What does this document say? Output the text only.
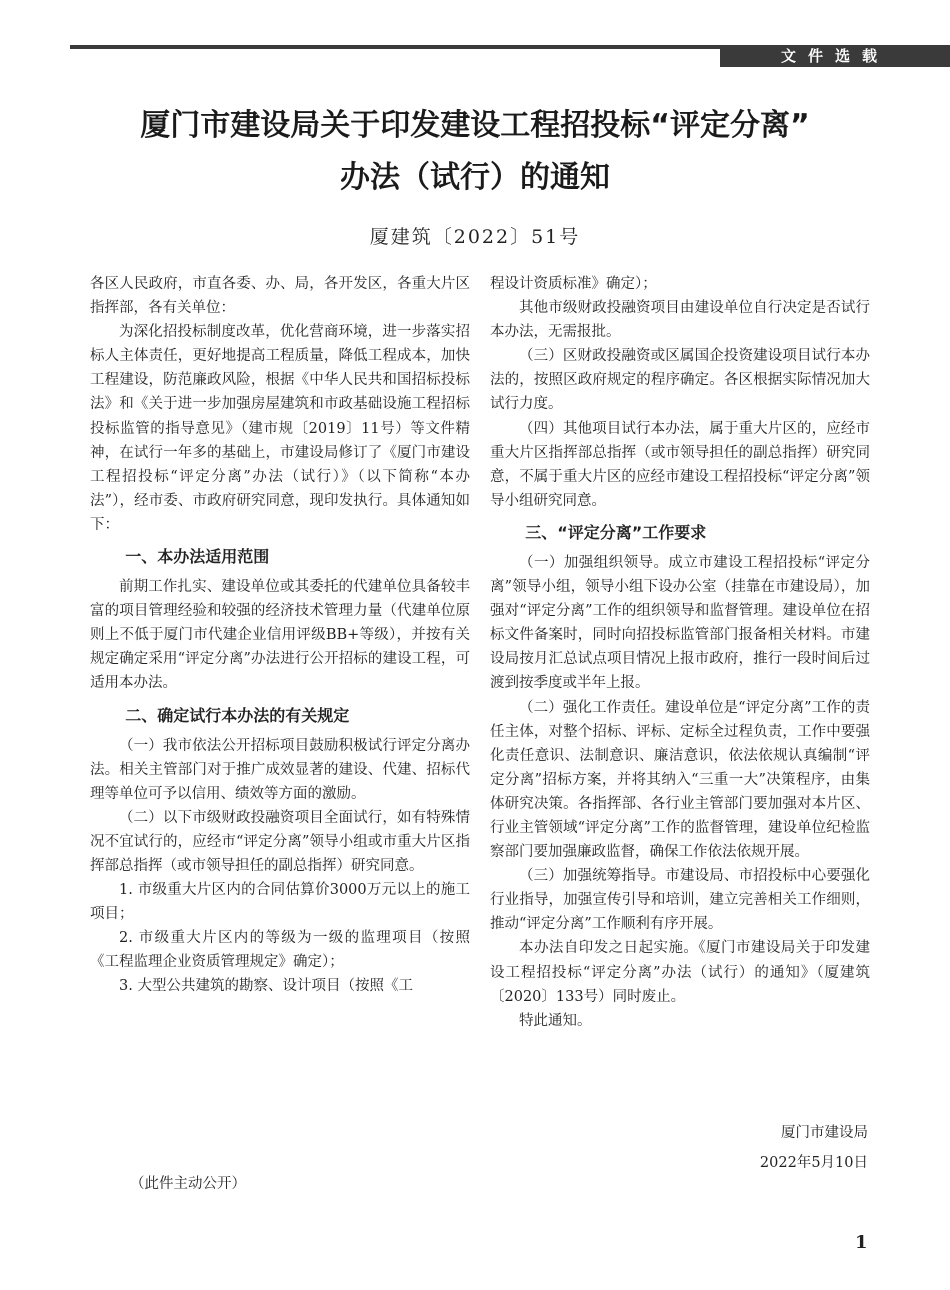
文件选载
厦门市建设局关于印发建设工程招投标“评定分离”
办法（试行）的通知
厦建筑〔2022〕51号

各区人民政府，市直各委、办、局，各开发区，各重大片区指挥部，各有关单位：

为深化招投标制度改革，优化营商环境，进一步落实招标人主体责任，更好地提高工程质量，降低工程成本，加快工程建设，防范廉政风险，根据《中华人民共和国招标投标法》和《关于进一步加强房屋建筑和市政基础设施工程招标投标监管的指导意见》（建市规〔2019〕11号）等文件精神，在试行一年多的基础上，市建设局修订了《厦门市建设工程招投标“评定分离”办法（试行）》（以下简称“本办法”），经市委、市政府研究同意，现印发执行。具体通知如下：

一、本办法适用范围

前期工作扎实、建设单位或其委托的代建单位具备较丰富的项目管理经验和较强的经济技术管理力量（代建单位原则上不低于厦门市代建企业信用评级BB+等级），并按有关规定确定采用“评定分离”办法进行公开招标的建设工程，可适用本办法。

二、确定试行本办法的有关规定

（一）我市依法公开招标项目鼓励积极试行评定分离办法。相关主管部门对于推广成效显著的建设、代建、招标代理等单位可予以信用、绩效等方面的激励。

（二）以下市级财政投融资项目全面试行，如有特殊情况不宜试行的，应经市“评定分离”领导小组或市重大片区指挥部总指挥（或市领导担任的副总指挥）研究同意。

1. 市级重大片区内的合同估算价3000万元以上的施工项目；

2. 市级重大片区内的等级为一级的监理项目（按照《工程监理企业资质管理规定》确定）；

3. 大型公共建筑的勘察、设计项目（按照《工

程设计资质标准》确定）；

其他市级财政投融资项目由建设单位自行决定是否试行本办法，无需报批。

（三）区财政投融资或区属国企投资建设项目试行本办法的，按照区政府规定的程序确定。各区根据实际情况加大试行力度。

（四）其他项目试行本办法，属于重大片区的，应经市重大片区指挥部总指挥（或市领导担任的副总指挥）研究同意，不属于重大片区的应经市建设工程招投标“评定分离”领导小组研究同意。

三、“评定分离”工作要求

（一）加强组织领导。成立市建设工程招投标“评定分离”领导小组，领导小组下设办公室（挂靠在市建设局），加强对“评定分离”工作的组织领导和监督管理。建设单位在招标文件备案时，同时向招投标监管部门报备相关材料。市建设局按月汇总试点项目情况上报市政府，推行一段时间后过渡到按季度或半年上报。

（二）强化工作责任。建设单位是“评定分离”工作的责任主体，对整个招标、评标、定标全过程负责，工作中要强化责任意识、法制意识、廉洁意识，依法依规认真编制“评定分离”招标方案，并将其纳入“三重一大”决策程序，由集体研究决策。各指挥部、各行业主管部门要加强对本片区、行业主管领域“评定分离”工作的监督管理，建设单位纪检监察部门要加强廉政监督，确保工作依法依规开展。

（三）加强统筹指导。市建设局、市招投标中心要强化行业指导，加强宣传引导和培训，建立完善相关工作细则，推动“评定分离”工作顺利有序开展。

本办法自印发之日起实施。《厦门市建设局关于印发建设工程招投标“评定分离”办法（试行）的通知》（厦建筑〔2020〕133号）同时废止。

特此通知。

厦门市建设局
2022年5月10日
（此件主动公开）
1
